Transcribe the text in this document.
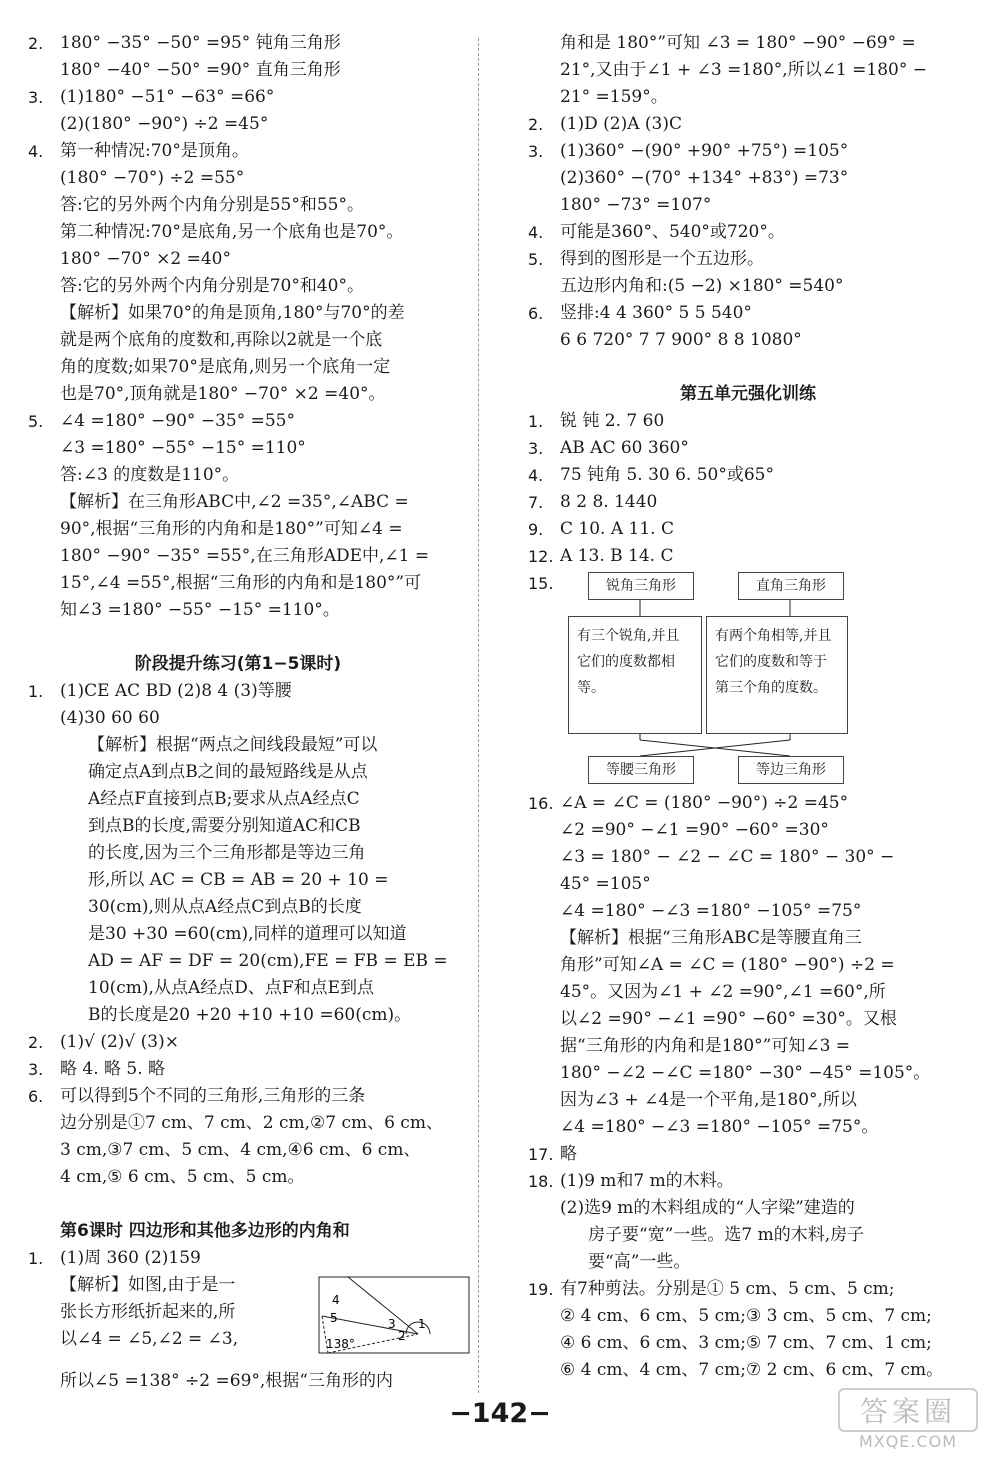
2. 180° −35° −50° =95° 钝角三角形
180° −40° −50° =90° 直角三角形
3. (1)180° −51° −63° =66°
(2)(180° −90°) ÷2 =45°
4. 第一种情况:70°是顶角。
(180° −70°) ÷2 =55°
答:它的另外两个内角分别是55°和55°。
第二种情况:70°是底角,另一个底角也是70°。
180° −70° ×2 =40°
答:它的另外两个内角分别是70°和40°。
【解析】如果70°的角是顶角,180°与70°的差
就是两个底角的度数和,再除以2就是一个底
角的度数;如果70°是底角,则另一个底角一定
也是70°,顶角就是180° −70° ×2 =40°。
5. ∠4 =180° −90° −35° =55°
∠3 =180° −55° −15° =110°
答:∠3 的度数是110°。
【解析】在三角形ABC中,∠2 =35°,∠ABC =
90°,根据“三角形的内角和是180°”可知∠4 =
180° −90° −35° =55°,在三角形ADE中,∠1 =
15°,∠4 =55°,根据“三角形的内角和是180°”可
知∠3 =180° −55° −15° =110°。
阶段提升练习(第1−5课时)
1. (1)CE AC BD (2)8 4 (3)等腰
(4)30 60 60
【解析】根据“两点之间线段最短”可以
确定点A到点B之间的最短路线是从点
A经点F直接到点B;要求从点A经点C
到点B的长度,需要分别知道AC和CB
的长度,因为三个三角形都是等边三角
形,所以 AC = CB = AB = 20 + 10 =
30(cm),则从点A经点C到点B的长度
是30 +30 =60(cm),同样的道理可以知道
AD = AF = DF = 20(cm),FE = FB = EB =
10(cm),从点A经点D、点F和点E到点
B的长度是20 +20 +10 +10 =60(cm)。
2. (1)√ (2)√ (3)×
3. 略 4. 略 5. 略
6. 可以得到5个不同的三角形,三角形的三条
边分别是①7 cm、7 cm、2 cm,②7 cm、6 cm、
3 cm,③7 cm、5 cm、4 cm,④6 cm、6 cm、
4 cm,⑤ 6 cm、5 cm、5 cm。
第6课时 四边形和其他多边形的内角和
1. (1)周 360 (2)159
【解析】如图,由于是一
张长方形纸折起来的,所
以∠4 = ∠5,∠2 = ∠3,
4
5
138°
3
2
1
所以∠5 =138° ÷2 =69°,根据“三角形的内
角和是 180°”可知 ∠3 = 180° −90° −69° =
21°,又由于∠1 + ∠3 =180°,所以∠1 =180° −
21° =159°。
2. (1)D (2)A (3)C
3. (1)360° −(90° +90° +75°) =105°
(2)360° −(70° +134° +83°) =73°
180° −73° =107°
4. 可能是360°、540°或720°。
5. 得到的图形是一个五边形。
五边形内角和:(5 −2) ×180° =540°
6. 竖排:4 4 360° 5 5 540°
6 6 720° 7 7 900° 8 8 1080°
第五单元强化训练
1. 锐 钝 2. 7 60
3. AB AC 60 360°
4. 75 钝角 5. 30 6. 50°或65°
7. 8 2 8. 1440
9. C 10. A 11. C
12. A 13. B 14. C
15.	锐角三角形	直角三角形
有三个锐角,并且它们的度数都相等。
有两个角相等,并且它们的度数和等于第三个角的度数。
等腰三角形	等边三角形
16. ∠A = ∠C = (180° −90°) ÷2 =45°
∠2 =90° −∠1 =90° −60° =30°
∠3 = 180° − ∠2 − ∠C = 180° − 30° −
45° =105°
∠4 =180° −∠3 =180° −105° =75°
【解析】根据“三角形ABC是等腰直角三
角形”可知∠A = ∠C = (180° −90°) ÷2 =
45°。又因为∠1 + ∠2 =90°,∠1 =60°,所
以∠2 =90° −∠1 =90° −60° =30°。又根
据“三角形的内角和是180°”可知∠3 =
180° −∠2 −∠C =180° −30° −45° =105°。
因为∠3 + ∠4是一个平角,是180°,所以
∠4 =180° −∠3 =180° −105° =75°。
17. 略
18. (1)9 m和7 m的木料。
(2)选9 m的木料组成的“人字梁”建造的
房子要“宽”一些。选7 m的木料,房子
要“高”一些。
19. 有7种剪法。分别是① 5 cm、5 cm、5 cm;
② 4 cm、6 cm、5 cm;③ 3 cm、5 cm、7 cm;
④ 6 cm、6 cm、3 cm;⑤ 7 cm、7 cm、1 cm;
⑥ 4 cm、4 cm、7 cm;⑦ 2 cm、6 cm、7 cm。
−142−	答案圈
MXQE.COM
